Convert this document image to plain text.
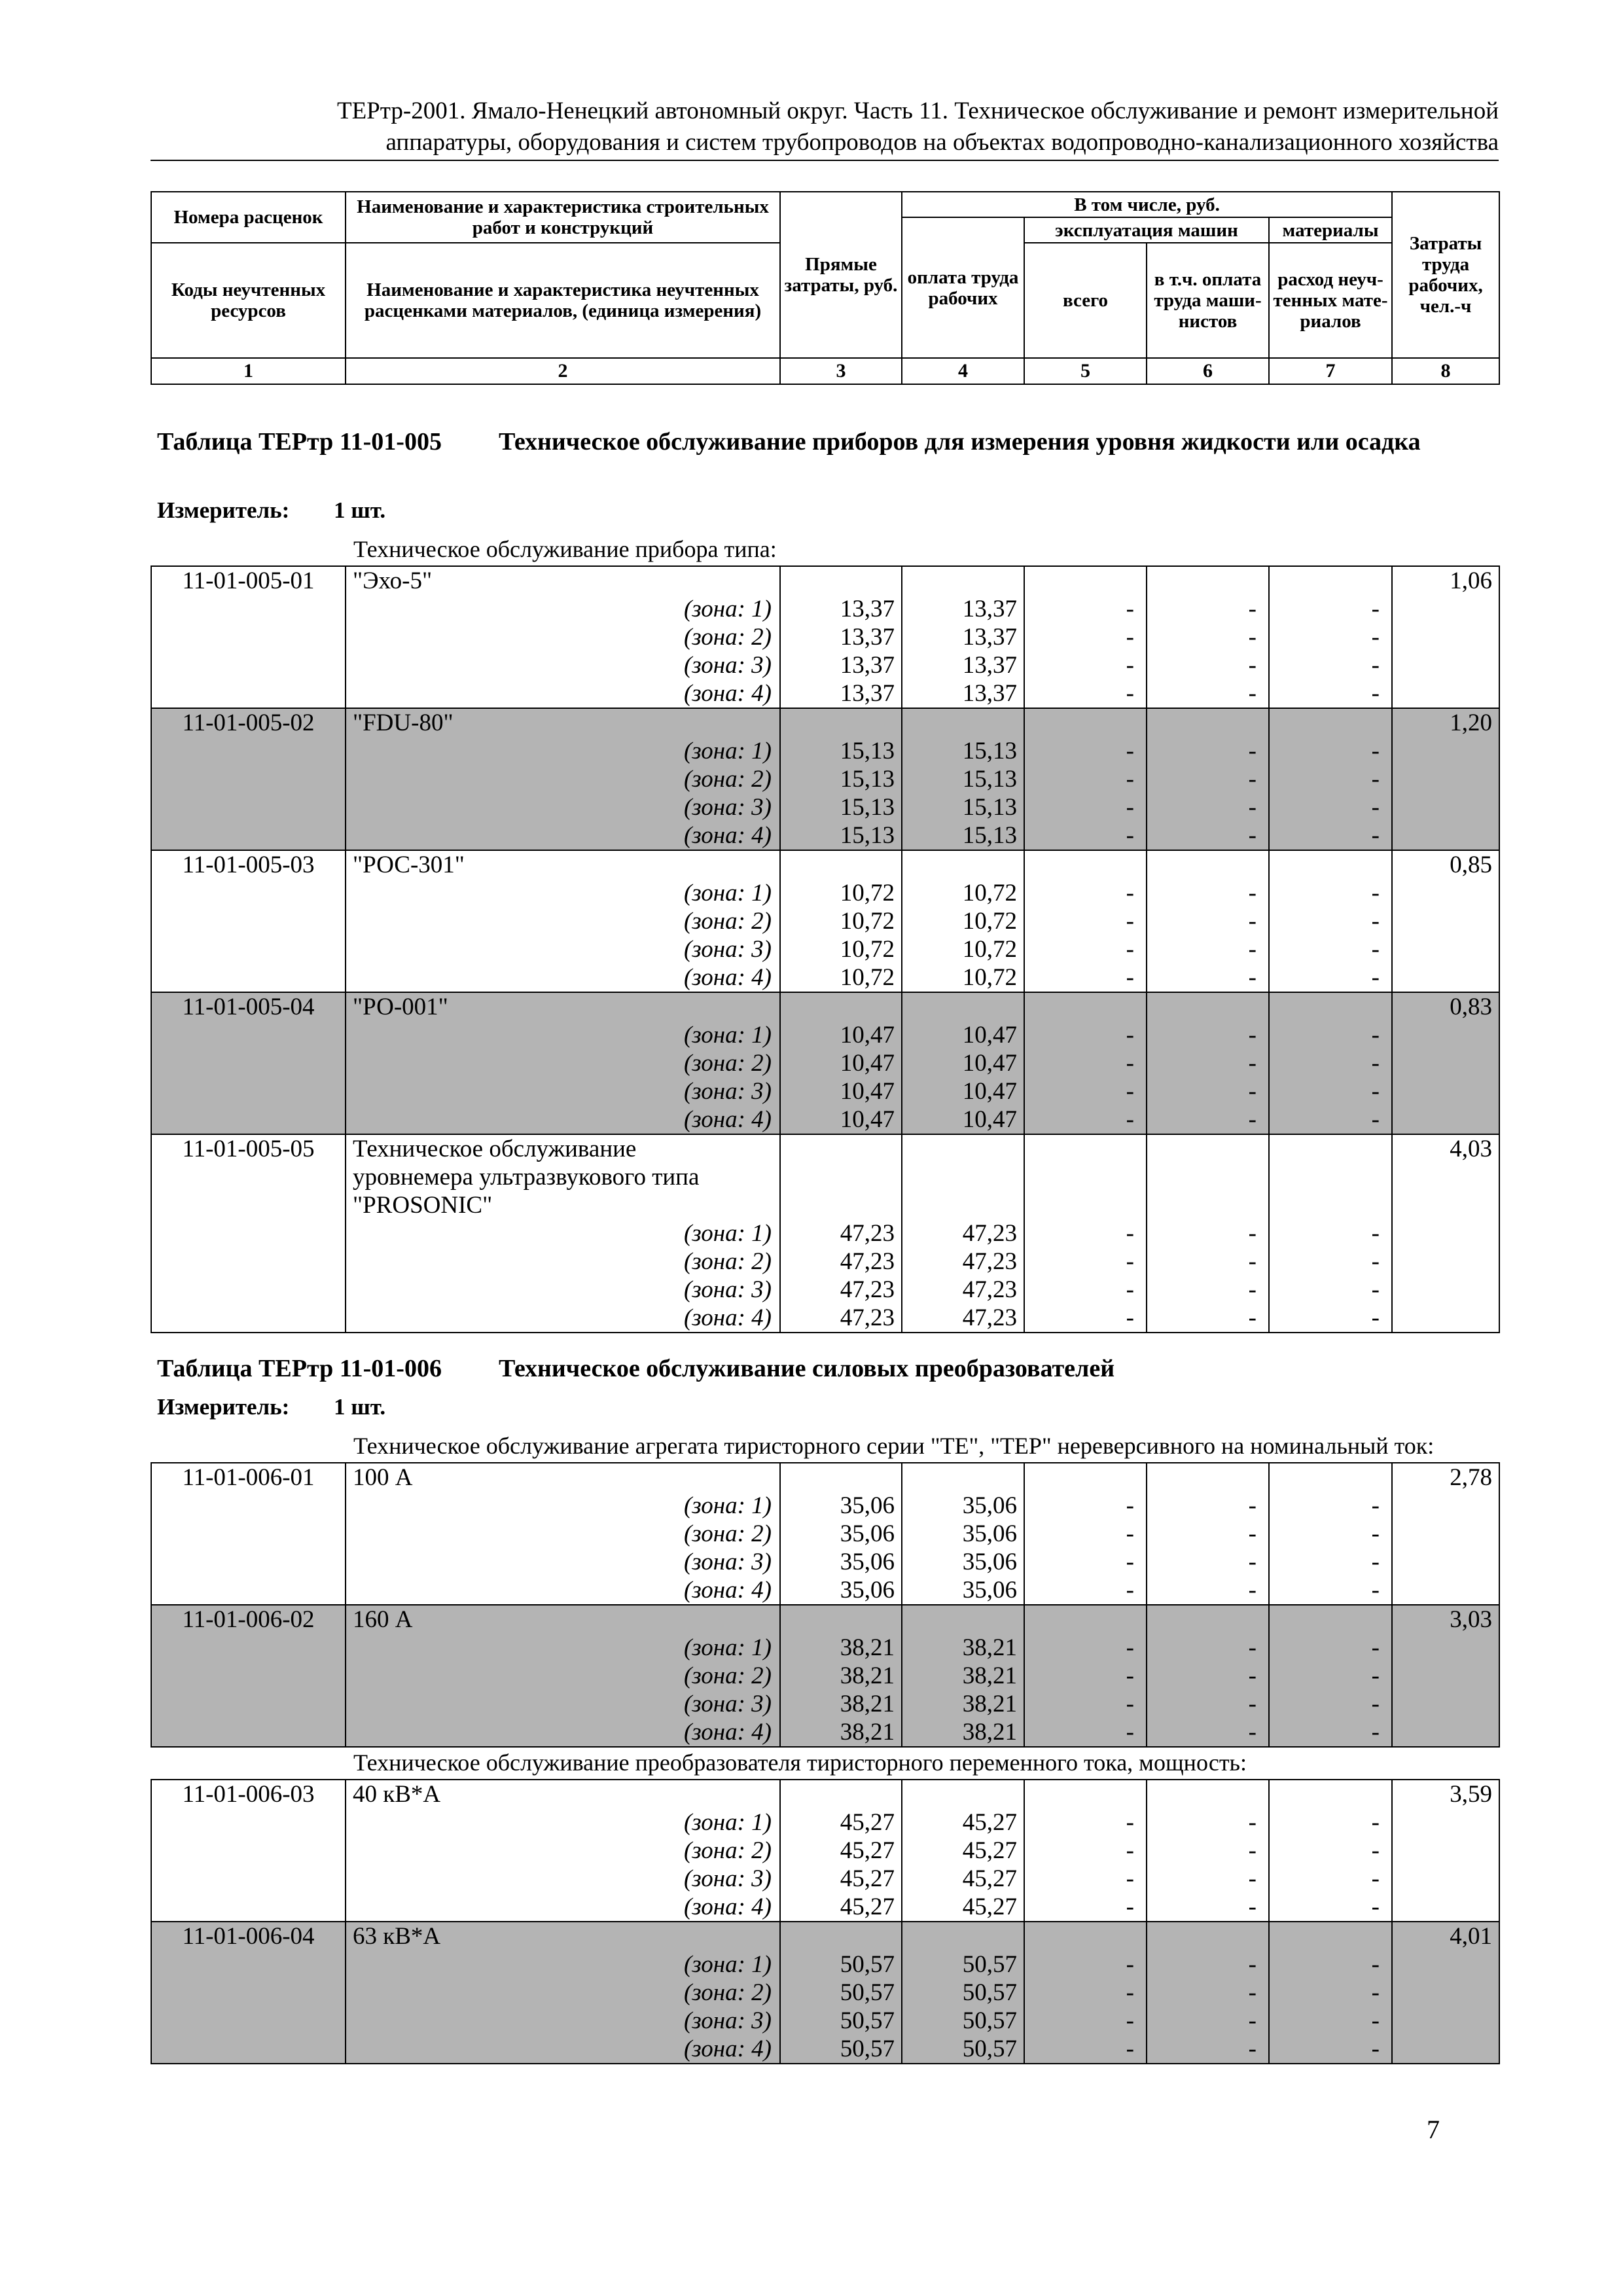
ТЕРтр-2001. Ямало-Ненецкий автономный округ. Часть 11. Техническое обслуживание и ремонт измерительной
аппаратуры, оборудования и систем трубопроводов на объектах водопроводно-канализационного хозяйства
Номера расценок	Наименование и характеристика строительных работ и конструкций	Прямые затраты, руб.	В том числе, руб.				Затраты труда рабочих, чел.-ч
			оплата труда рабочих	эксплуатация машин		материалы	
Коды неучтенных ресурсов	Наименование и характеристика неучтенных расценками материалов, (единица измерения)			всего	в т.ч. оплата труда маши-нистов	расход неуч-тенных мате-риалов	

1	2	3	4	5	6	7	8
Таблица ТЕРтр 11-01-005 Техническое обслуживание приборов для измерения уровня жидкости или осадка
Измеритель: 1 шт.
Техническое обслуживание прибора типа:
11-01-005-01	"Эхо-5"						1,06
	(зона: 1)	13,37	13,37	-	-	-	
	(зона: 2)	13,37	13,37	-	-	-	
	(зона: 3)	13,37	13,37	-	-	-	
	(зона: 4)	13,37	13,37	-	-	-	
11-01-005-02	"FDU-80"						1,20
	(зона: 1)	15,13	15,13	-	-	-	
	(зона: 2)	15,13	15,13	-	-	-	
	(зона: 3)	15,13	15,13	-	-	-	
	(зона: 4)	15,13	15,13	-	-	-	
11-01-005-03	"РОС-301"						0,85
	(зона: 1)	10,72	10,72	-	-	-	
	(зона: 2)	10,72	10,72	-	-	-	
	(зона: 3)	10,72	10,72	-	-	-	
	(зона: 4)	10,72	10,72	-	-	-	
11-01-005-04	"РО-001"						0,83
	(зона: 1)	10,47	10,47	-	-	-	
	(зона: 2)	10,47	10,47	-	-	-	
	(зона: 3)	10,47	10,47	-	-	-	
	(зона: 4)	10,47	10,47	-	-	-	
11-01-005-05	Техническое обслуживание						4,03
	уровнемера ультразвукового типа						
	"PROSONIC"						
	(зона: 1)	47,23	47,23	-	-	-	
	(зона: 2)	47,23	47,23	-	-	-	
	(зона: 3)	47,23	47,23	-	-	-	
	(зона: 4)	47,23	47,23	-	-	-	
Таблица ТЕРтр 11-01-006 Техническое обслуживание силовых преобразователей
Измеритель: 1 шт.
Техническое обслуживание агрегата тиристорного серии "ТЕ", "ТЕР" нереверсивного на номинальный ток:
11-01-006-01	100 А						2,78
	(зона: 1)	35,06	35,06	-	-	-	
	(зона: 2)	35,06	35,06	-	-	-	
	(зона: 3)	35,06	35,06	-	-	-	
	(зона: 4)	35,06	35,06	-	-	-	
11-01-006-02	160 А						3,03
	(зона: 1)	38,21	38,21	-	-	-	
	(зона: 2)	38,21	38,21	-	-	-	
	(зона: 3)	38,21	38,21	-	-	-	
	(зона: 4)	38,21	38,21	-	-	-	
Техническое обслуживание преобразователя тиристорного переменного тока, мощность:
11-01-006-03	40 кВ*А						3,59
	(зона: 1)	45,27	45,27	-	-	-	
	(зона: 2)	45,27	45,27	-	-	-	
	(зона: 3)	45,27	45,27	-	-	-	
	(зона: 4)	45,27	45,27	-	-	-	
11-01-006-04	63 кВ*А						4,01
	(зона: 1)	50,57	50,57	-	-	-	
	(зона: 2)	50,57	50,57	-	-	-	
	(зона: 3)	50,57	50,57	-	-	-	
	(зона: 4)	50,57	50,57	-	-	-	
7
